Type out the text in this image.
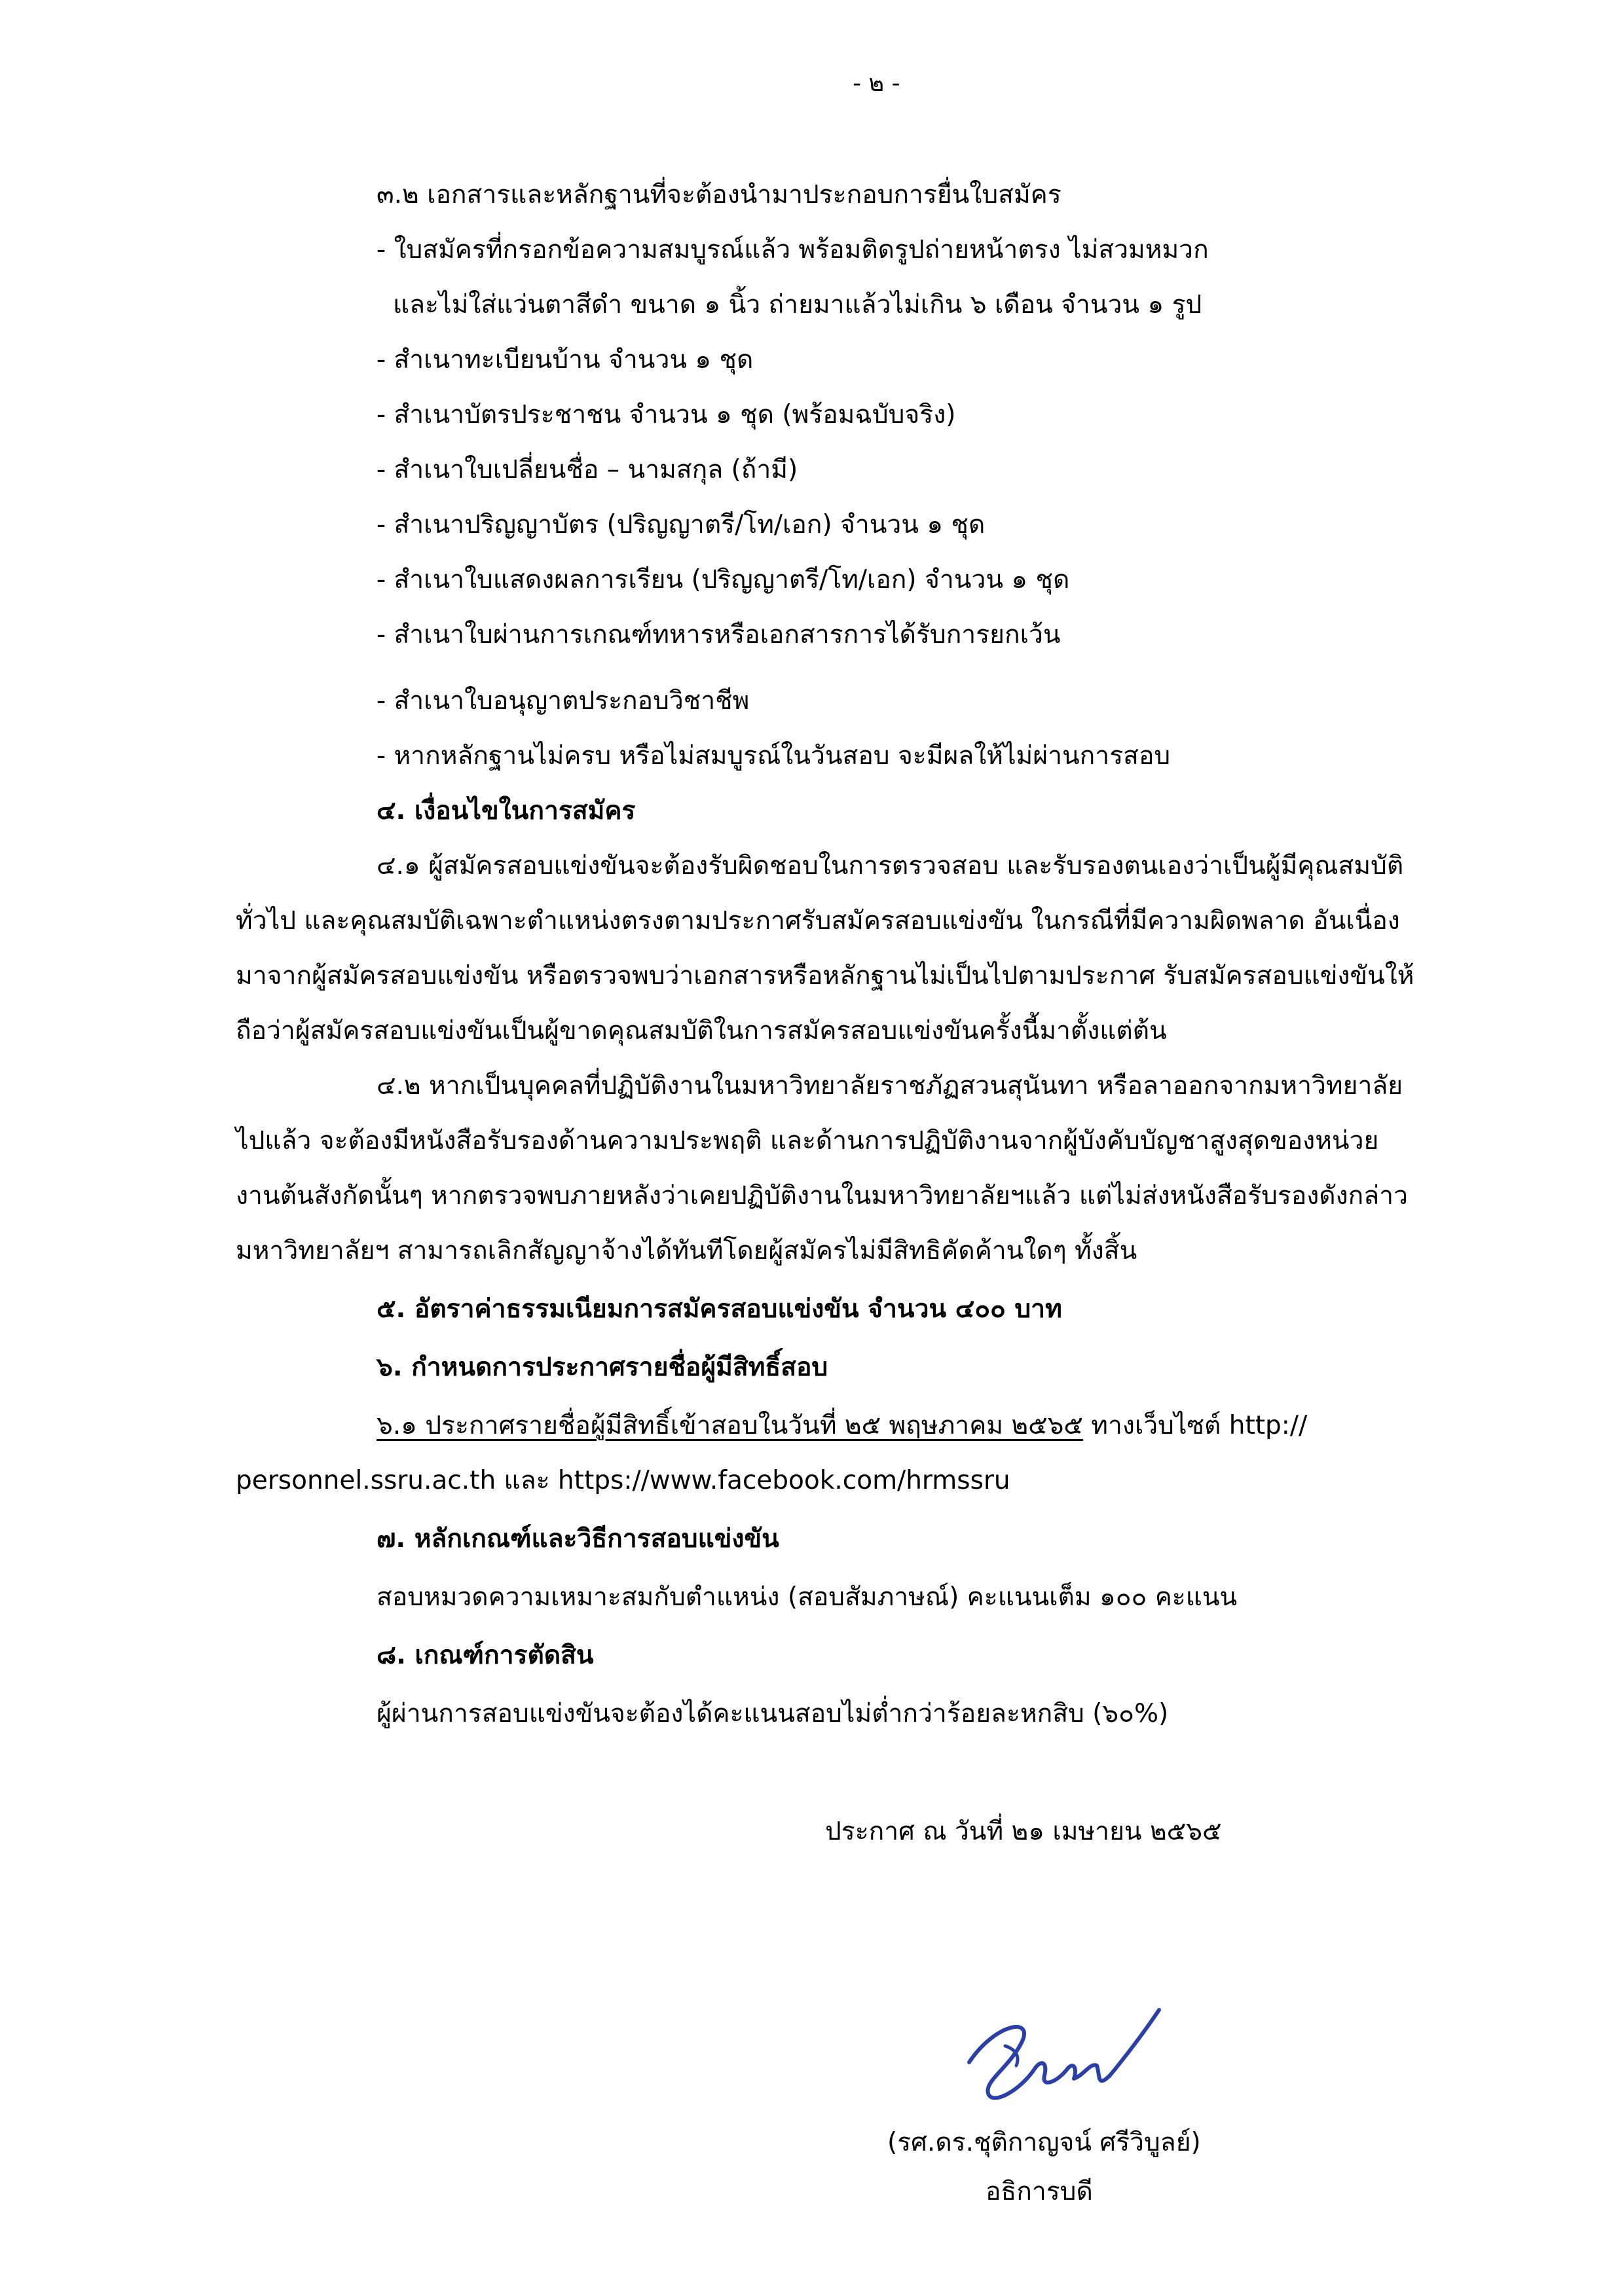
- ๒ -
๓.๒ เอกสารและหลักฐานที่จะต้องนำมาประกอบการยื่นใบสมัคร
- ใบสมัครที่กรอกข้อความสมบูรณ์แล้ว พร้อมติดรูปถ่ายหน้าตรง ไม่สวมหมวก
และไม่ใส่แว่นตาสีดำ ขนาด ๑ นิ้ว ถ่ายมาแล้วไม่เกิน ๖ เดือน จำนวน ๑ รูป
- สำเนาทะเบียนบ้าน จำนวน ๑ ชุด
- สำเนาบัตรประชาชน จำนวน ๑ ชุด (พร้อมฉบับจริง)
- สำเนาใบเปลี่ยนชื่อ – นามสกุล (ถ้ามี)
- สำเนาปริญญาบัตร (ปริญญาตรี/โท/เอก) จำนวน ๑ ชุด
- สำเนาใบแสดงผลการเรียน (ปริญญาตรี/โท/เอก) จำนวน ๑ ชุด
- สำเนาใบผ่านการเกณฑ์ทหารหรือเอกสารการได้รับการยกเว้น
- สำเนาใบอนุญาตประกอบวิชาชีพ
- หากหลักฐานไม่ครบ หรือไม่สมบูรณ์ในวันสอบ จะมีผลให้ไม่ผ่านการสอบ
๔. เงื่อนไขในการสมัคร
๔.๑ ผู้สมัครสอบแข่งขันจะต้องรับผิดชอบในการตรวจสอบ และรับรองตนเองว่าเป็นผู้มีคุณสมบัติ
ทั่วไป และคุณสมบัติเฉพาะตำแหน่งตรงตามประกาศรับสมัครสอบแข่งขัน ในกรณีที่มีความผิดพลาด อันเนื่อง
มาจากผู้สมัครสอบแข่งขัน หรือตรวจพบว่าเอกสารหรือหลักฐานไม่เป็นไปตามประกาศ รับสมัครสอบแข่งขันให้
ถือว่าผู้สมัครสอบแข่งขันเป็นผู้ขาดคุณสมบัติในการสมัครสอบแข่งขันครั้งนี้มาตั้งแต่ต้น
๔.๒ หากเป็นบุคคลที่ปฏิบัติงานในมหาวิทยาลัยราชภัฏสวนสุนันทา หรือลาออกจากมหาวิทยาลัย
ไปแล้ว จะต้องมีหนังสือรับรองด้านความประพฤติ และด้านการปฏิบัติงานจากผู้บังคับบัญชาสูงสุดของหน่วย
งานต้นสังกัดนั้นๆ หากตรวจพบภายหลังว่าเคยปฏิบัติงานในมหาวิทยาลัยฯแล้ว แต่ไม่ส่งหนังสือรับรองดังกล่าว
มหาวิทยาลัยฯ สามารถเลิกสัญญาจ้างได้ทันทีโดยผู้สมัครไม่มีสิทธิคัดค้านใดๆ ทั้งสิ้น
๕. อัตราค่าธรรมเนียมการสมัครสอบแข่งขัน จำนวน ๔๐๐ บาท
๖. กำหนดการประกาศรายชื่อผู้มีสิทธิ์สอบ
๖.๑ ประกาศรายชื่อผู้มีสิทธิ์เข้าสอบในวันที่ ๒๕ พฤษภาคม ๒๕๖๕ ทางเว็บไซต์ http://
personnel.ssru.ac.th และ https://www.facebook.com/hrmssru
๗. หลักเกณฑ์และวิธีการสอบแข่งขัน
สอบหมวดความเหมาะสมกับตำแหน่ง (สอบสัมภาษณ์) คะแนนเต็ม ๑๐๐ คะแนน
๘. เกณฑ์การตัดสิน
ผู้ผ่านการสอบแข่งขันจะต้องได้คะแนนสอบไม่ต่ำกว่าร้อยละหกสิบ (๖๐%)
ประกาศ ณ วันที่ ๒๑ เมษายน ๒๕๖๕
(รศ.ดร.ชุติกาญจน์ ศรีวิบูลย์)
อธิการบดี
